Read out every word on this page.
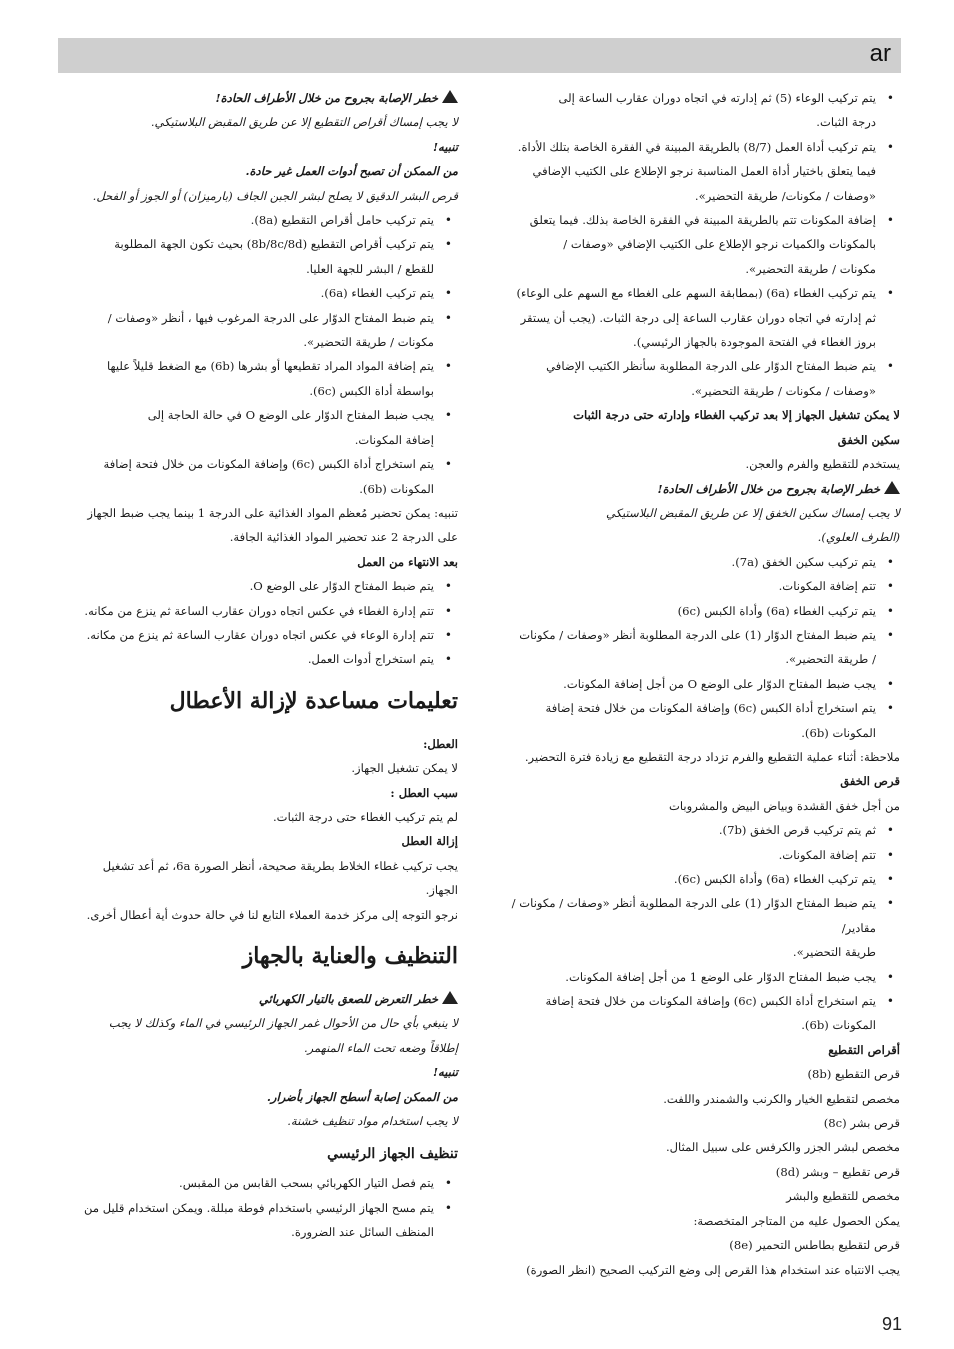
ar

• يتم تركيب الوعاء (5) ثم إدارته في اتجاه دوران عقارب الساعة إلى

درجة الثبات.

• يتم تركيب أداة العمل (8/7) بالطريقة المبينة في الفقرة الخاصة بتلك الأداة.

فيما يتعلق باختيار أداة العمل المناسبة نرجو الإطلاع على الكتيب الإضافي

«وصفات / مكونات/ طريقة التحضير».

• إضافة المكونات تتم بالطريقة المبينة في الفقرة الخاصة بذلك. فيما يتعلق

بالمكونات والكميات نرجو الإطلاع على الكتيب الإضافي «وصفات /

مكونات / طريقة التحضير».

• يتم تركيب الغطاء (6a) (بمطابقة السهم على الغطاء مع السهم على الوعاء)

ثم إدارته في اتجاه دوران عقارب الساعة إلى درجة الثبات. (يجب أن يستقر

بروز الغطاء في الفتحة الموجودة بالجهاز الرئيسي).

• يتم ضبط المفتاح الدوّار على الدرجة المطلوبة سأنظر الكتيب الإضافي

«وصفات / مكونات / طريقة التحضير».

لا يمكن تشغيل الجهاز إلا بعد تركيب الغطاء وإدارته حتى درجة الثبات

سكين الخفق

يستخدم للتقطيع والفرم والعجن.

خطر الإصابة بجروح من خلال الأطراف الحادة!

لا يجب إمساك سكين الخفق إلا عن طريق المقبض البلاستيكي

(الطرف العلوي).

• يتم تركيب سكين الخفق (7a).

• تتم إضافة المكونات.

• يتم تركيب الغطاء (6a) وأداة الكبس (6c)

• يتم ضبط المفتاح الدوّار (1) على الدرجة المطلوبة أنظر «وصفات / مكونات

/ طريقة التحضير».

• يجب ضبط المفتاح الدوّار على الوضع O من أجل إضافة المكونات.

• يتم استخراج أداة الكبس (6c) وإضافة المكونات من خلال فتحة إضافة

المكونات (6b).

ملاحظة: أثناء عملية التقطيع والفرم تزداد درجة التقطيع مع زيادة فترة التحضير.

قرص الخفق

من أجل خفق القشدة وبياض البيض والمشروبات

• ثم يتم تركيب قرص الخفق (7b).

• تتم إضافة المكونات.

• يتم تركيب الغطاء (6a) وأداة الكبس (6c).

• يتم ضبط المفتاح الدوّار (1) على الدرجة المطلوبة أنظر «وصفات / مكونات / مقادير/

طريقة التحضير».

• يجب ضبط المفتاح الدوّار على الوضع 1 من أجل إضافة المكونات.

• يتم استخراج أداة الكبس (6c) وإضافة المكونات من خلال فتحة إضافة

المكونات (6b).

أقراص التقطيع

قرص التقطيع (8b)

مخصص لتقطيع الخيار والكرنب والشمندر واللفت.

قرص بشر (8c)

مخصص لبشر الجزر والكرفس على سبيل المثال.

قرص تقطيع – وبشر (8d)

مخصص للتقطيع والبشر

يمكن الحصول عليه من المتاجر المتخصصة:

قرص لتقطيع بطاطس التحمير (8e)

يجب الانتباه عند استخدام هذا القرص إلى وضع التركيب الصحيح (انظر الصورة)

خطر الإصابة بجروح من خلال الأطراف الحادة!

لا يجب إمساك أقراص التقطيع إلا عن طريق المقبض البلاستيكي.

تنبيه!

من الممكن أن تصبح أدوات العمل غير حادة.

قرص البشر الدقيق لا يصلح لبشر الجبن الجاف (بارميزان) أو الجوز أو الفحل.

• يتم تركيب حامل أقراص التقطيع (8a).

• يتم تركيب أقراص التقطيع (8b/8c/8d) بحيث تكون الجهة المطلوبة

للقطع / البشر للجهة العليا.

• يتم تركيب الغطاء (6a).

• يتم ضبط المفتاح الدوّار على الدرجة المرغوب فيها ، أنظر «وصفات /

مكونات / طريقة التحضير».

• يتم إضافة المواد المراد تقطيعها أو بشرها (6b) مع الضغط قليلاً عليها

بواسطة أداة الكبس (6c).

• يجب ضبط المفتاح الدوّار على الوضع O في حالة الحاجة إلى

إضافة المكونات.

• يتم استخراج أداة الكبس (6c) وإضافة المكونات من خلال فتحة إضافة

المكونات (6b).

تنبيه: يمكن تحضير مُعظم المواد الغذائية على الدرجة 1 بينما يجب ضبط الجهاز

على الدرجة 2 عند تحضير المواد الغذائية الجافة.

بعد الانتهاء من العمل

• يتم ضبط المفتاح الدوّار على الوضع O.

• تتم إدارة الغطاء في عكس اتجاه دوران عقارب الساعة ثم ينزع من مكانه.

• تتم إدارة الوعاء في عكس اتجاه دوران عقارب الساعة ثم ينزع من مكانه.

• يتم استخراج أدوات العمل.

تعليمات مساعدة لإزالة الأعطال

العطل:

لا يمكن تشغيل الجهاز.

سبب العطل :

لم يتم تركيب الغطاء حتى درجة الثبات.

إزالة العطل

يجب تركيب غطاء الخلاط بطريقة صحيحة، أنظر الصورة 6a، ثم أعد تشغيل

الجهاز.

نرجو التوجه إلى مركز خدمة العملاء التابع لنا في حالة حدوث أية أعطال أخرى.

التنظيف والعناية بالجهاز

خطر التعرض للصعق بالتيار الكهربائي

لا ينبغي بأي حال من الأحوال غمر الجهاز الرئيسي في الماء وكذلك لا يجب

إطلاقاً وضعه تحت الماء المنهمر.

تنبيه!

من الممكن إصابة أسطح الجهاز بأضرار.

لا يجب استخدام مواد تنظيف خشنة.

تنظيف الجهاز الرئيسي

• يتم فصل التيار الكهربائي بسحب القابس من المقبس.

• يتم مسح الجهاز الرئيسي باستخدام فوطة مبللة. ويمكن استخدام قليل من

المنظف السائل عند الضرورة.

91
